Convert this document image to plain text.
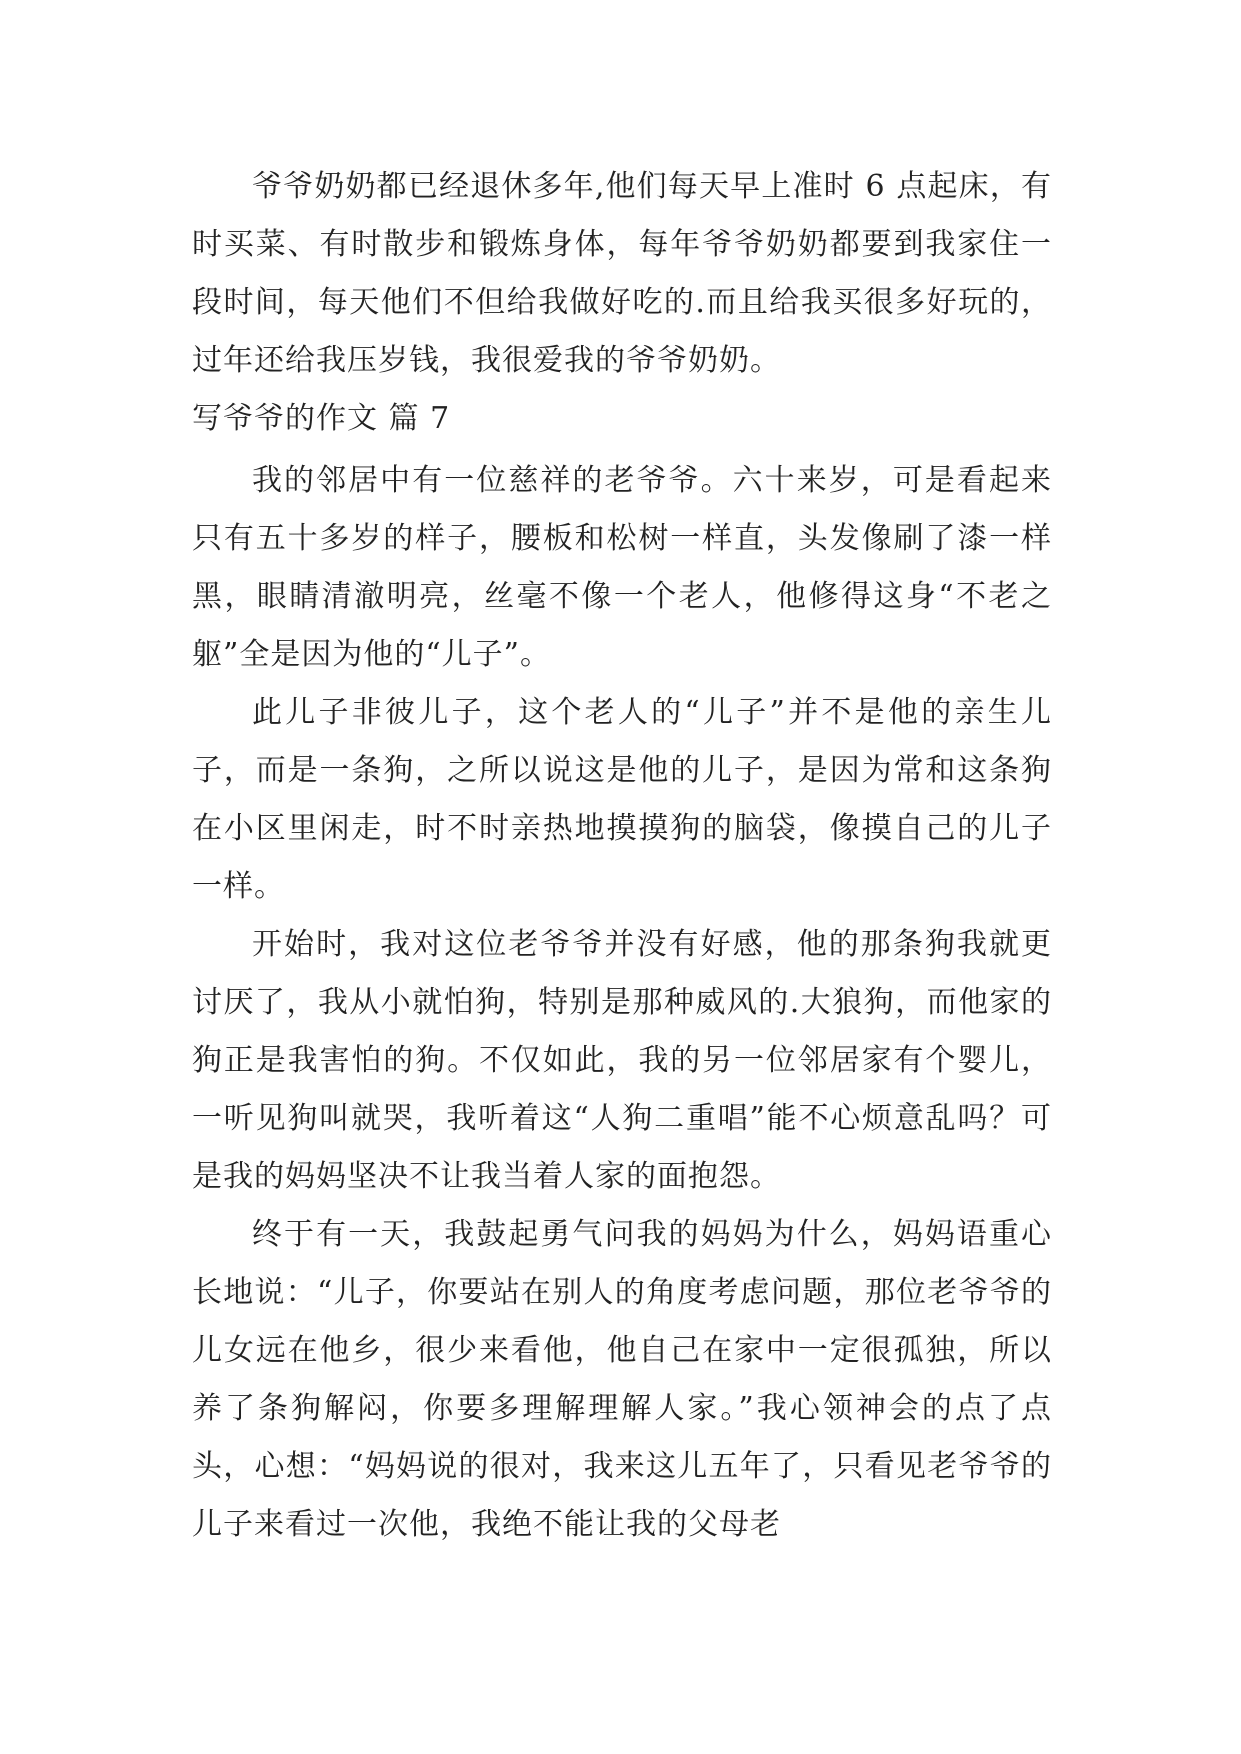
爷爷奶奶都已经退休多年,他们每天早上准时 6 点起床，有时买菜、有时散步和锻炼身体，每年爷爷奶奶都要到我家住一段时间，每天他们不但给我做好吃的.而且给我买很多好玩的，过年还给我压岁钱，我很爱我的爷爷奶奶。

写爷爷的作文 篇 7

我的邻居中有一位慈祥的老爷爷。六十来岁，可是看起来只有五十多岁的样子，腰板和松树一样直，头发像刷了漆一样黑，眼睛清澈明亮，丝毫不像一个老人，他修得这身“不老之躯”全是因为他的“儿子”。

此儿子非彼儿子，这个老人的“儿子”并不是他的亲生儿子，而是一条狗，之所以说这是他的儿子，是因为常和这条狗在小区里闲走，时不时亲热地摸摸狗的脑袋，像摸自己的儿子一样。

开始时，我对这位老爷爷并没有好感，他的那条狗我就更讨厌了，我从小就怕狗，特别是那种威风的.大狼狗，而他家的狗正是我害怕的狗。不仅如此，我的另一位邻居家有个婴儿，一听见狗叫就哭，我听着这“人狗二重唱”能不心烦意乱吗？可是我的妈妈坚决不让我当着人家的面抱怨。

终于有一天，我鼓起勇气问我的妈妈为什么，妈妈语重心长地说：“儿子，你要站在别人的角度考虑问题，那位老爷爷的儿女远在他乡，很少来看他，他自己在家中一定很孤独，所以养了条狗解闷，你要多理解理解人家。”我心领神会的点了点头，心想：“妈妈说的很对，我来这儿五年了，只看见老爷爷的儿子来看过一次他，我绝不能让我的父母老
